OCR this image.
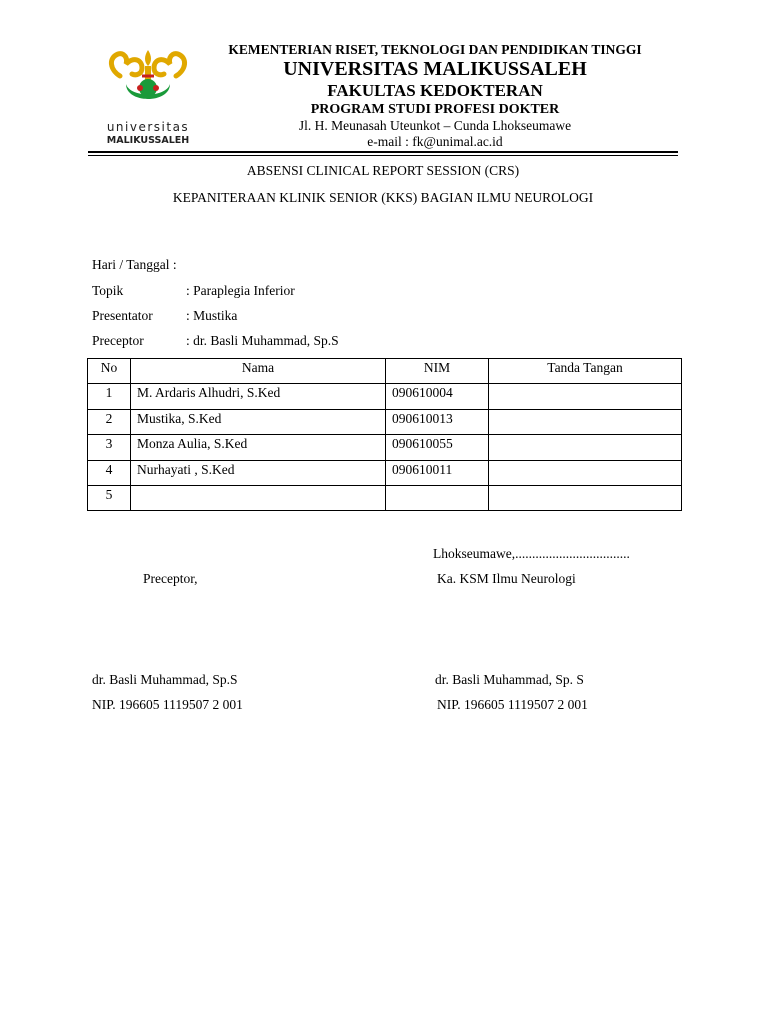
universitas
MALIKUSSALEH
KEMENTERIAN RISET, TEKNOLOGI DAN PENDIDIKAN TINGGI
UNIVERSITAS MALIKUSSALEH
FAKULTAS KEDOKTERAN
PROGRAM STUDI PROFESI DOKTER
Jl. H. Meunasah Uteunkot – Cunda Lhokseumawe
e-mail : fk@unimal.ac.id
ABSENSI CLINICAL REPORT SESSION (CRS)
KEPANITERAAN KLINIK SENIOR (KKS) BAGIAN ILMU NEUROLOGI
Hari / Tanggal :
Topik	: Paraplegia Inferior
Presentator : Mustika
Preceptor	: dr. Basli Muhammad, Sp.S
No	Nama	NIM	Tanda Tangan
1	M. Ardaris Alhudri, S.Ked	090610004	
2	Mustika, S.Ked	090610013	
3	Monza Aulia, S.Ked	090610055	
4	Nurhayati , S.Ked	090610011	
5			
Lhokseumawe,..................................
Preceptor,	Ka. KSM Ilmu Neurologi
dr. Basli Muhammad, Sp.S	dr. Basli Muhammad, Sp. S
NIP. 196605 1119507 2 001	NIP. 196605 1119507 2 001
